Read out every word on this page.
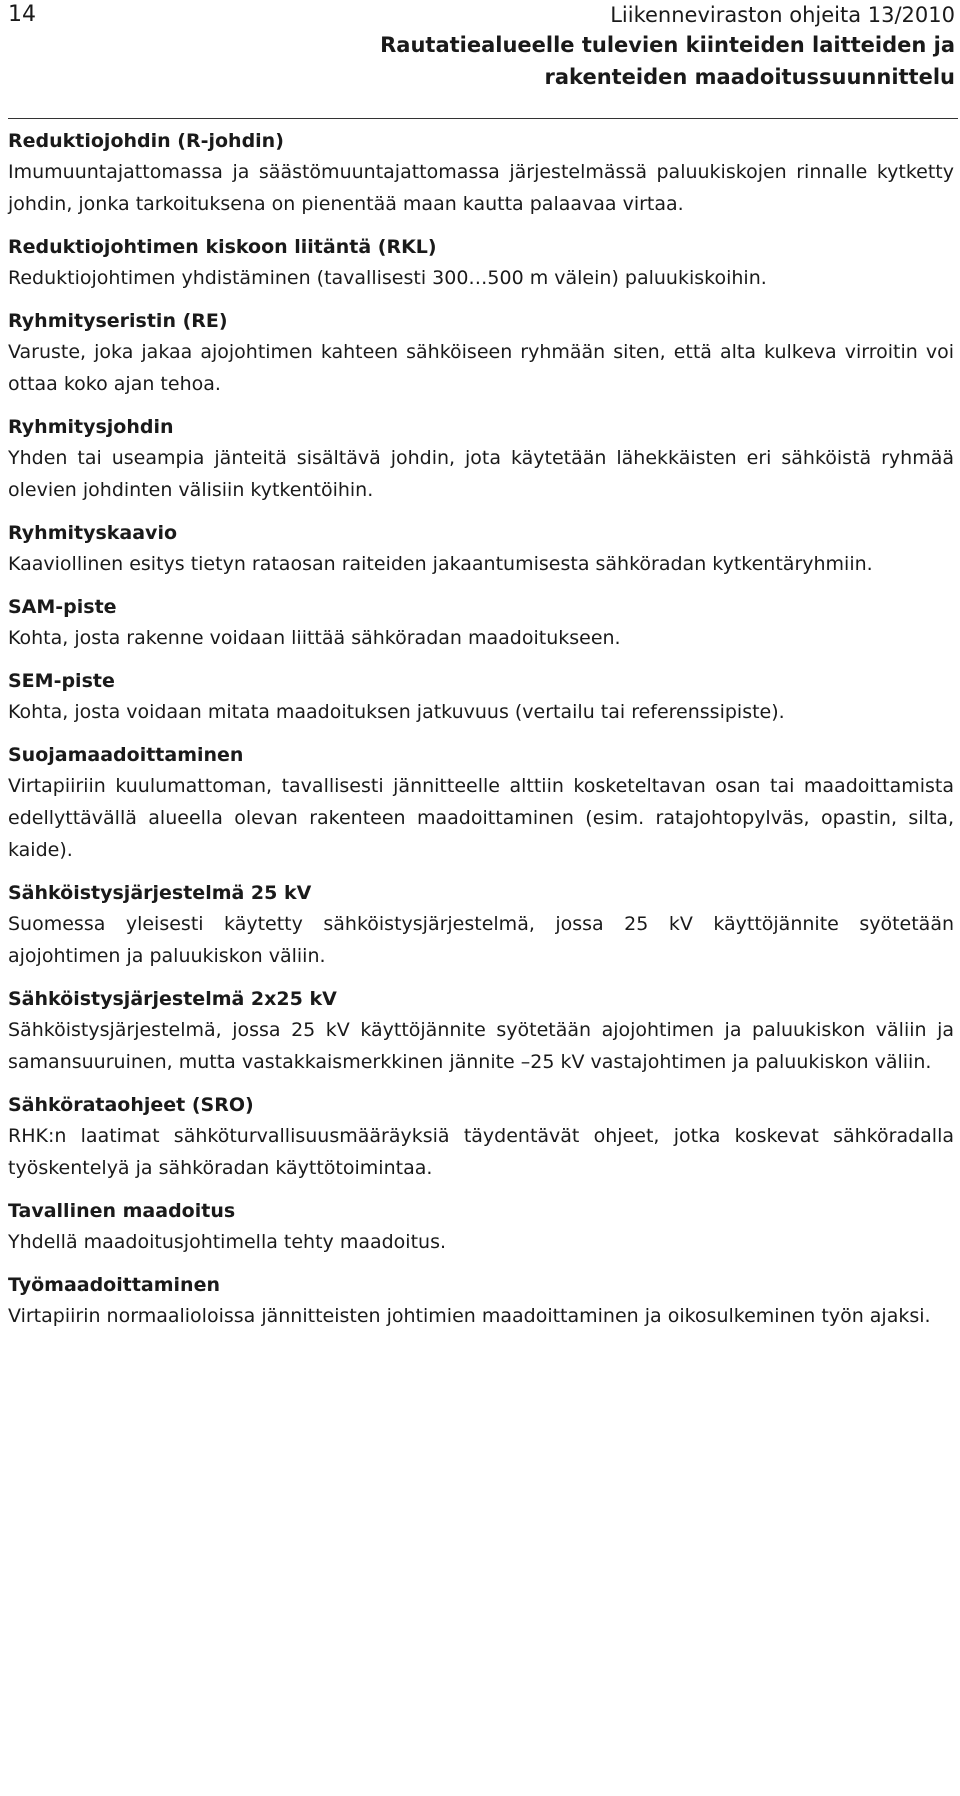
14	Liikenneviraston ohjeita 13/2010
Rautatiealueelle tulevien kiinteiden laitteiden ja
rakenteiden maadoitussuunnittelu

Reduktiojohdin (R-johdin)

Imumuuntajattomassa ja säästömuuntajattomassa järjestelmässä paluukiskojen rinnalle kytketty johdin, jonka tarkoituksena on pienentää maan kautta palaavaa virtaa.

Reduktiojohtimen kiskoon liitäntä (RKL)

Reduktiojohtimen yhdistäminen (tavallisesti 300…500 m välein) paluukiskoihin.

Ryhmityseristin (RE)

Varuste, joka jakaa ajojohtimen kahteen sähköiseen ryhmään siten, että alta kulkeva virroitin voi ottaa koko ajan tehoa.

Ryhmitysjohdin

Yhden tai useampia jänteitä sisältävä johdin, jota käytetään lähekkäisten eri sähköistä ryhmää olevien johdinten välisiin kytkentöihin.

Ryhmityskaavio

Kaaviollinen esitys tietyn rataosan raiteiden jakaantumisesta sähköradan kytkentäryhmiin.

SAM-piste

Kohta, josta rakenne voidaan liittää sähköradan maadoitukseen.

SEM-piste

Kohta, josta voidaan mitata maadoituksen jatkuvuus (vertailu tai referenssipiste).

Suojamaadoittaminen

Virtapiiriin kuulumattoman, tavallisesti jännitteelle alttiin kosketeltavan osan tai maadoittamista edellyttävällä alueella olevan rakenteen maadoittaminen (esim. ratajohtopylväs, opastin, silta, kaide).

Sähköistysjärjestelmä 25 kV

Suomessa yleisesti käytetty sähköistysjärjestelmä, jossa 25 kV käyttöjännite syötetään ajojohtimen ja paluukiskon väliin.

Sähköistysjärjestelmä 2x25 kV

Sähköistysjärjestelmä, jossa 25 kV käyttöjännite syötetään ajojohtimen ja paluukiskon väliin ja samansuuruinen, mutta vastakkaismerkkinen jännite –25 kV vastajohtimen ja paluukiskon väliin.

Sähkörataohjeet (SRO)

RHK:n laatimat sähköturvallisuusmääräyksiä täydentävät ohjeet, jotka koskevat sähköradalla työskentelyä ja sähköradan käyttötoimintaa.

Tavallinen maadoitus

Yhdellä maadoitusjohtimella tehty maadoitus.

Työmaadoittaminen

Virtapiirin normaalioloissa jännitteisten johtimien maadoittaminen ja oikosulkeminen työn ajaksi.
